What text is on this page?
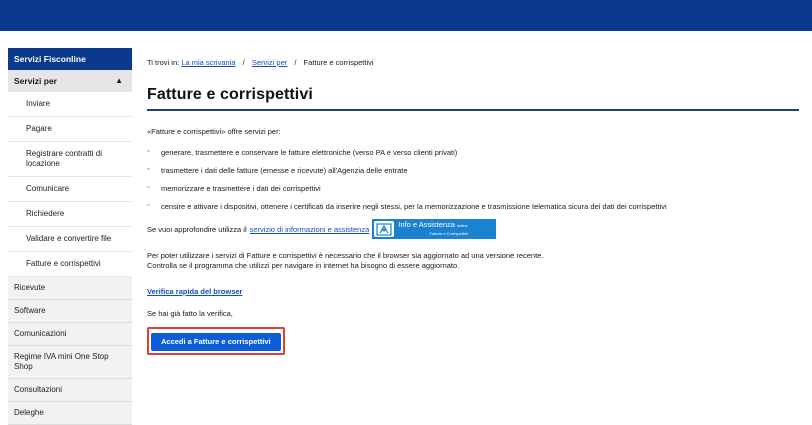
Servizi Fisconline
Servizi per	▲
Inviare
Pagare
Registrare contratti di locazione
Comunicare
Richiedere
Validare e convertire file
Fatture e corrispettivi
Ricevute
Software
Comunicazioni
Regime IVA mini One Stop Shop
Consultazioni
Deleghe
Ti trovi in: La mia scrivania / Servizi per / Fatture e corrispettivi
Fatture e corrispettivi
«Fatture e corrispettivi» offre servizi per:
▫ generare, trasmettere e conservare le fatture elettroniche (verso PA e verso clienti privati)
▫ trasmettere i dati delle fatture (emesse e ricevute) all'Agenzia delle entrate
▫ memorizzare e trasmettere i dati dei corrispettivi
▫ censire e attivare i dispositivi, ottenere i certificati da inserire negli stessi, per la memorizzazione e trasmissione telematica sicura dei dati dei corrispettivi
Se vuoi approfondire utilizza il servizio di informazioni e assistenza
Info e Assistenza online
Fatture e Corrispettivi
Per poter utilizzare i servizi di Fatture e corrispettivi è necessario che il browser sia aggiornato ad una versione recente.
Controlla se il programma che utilizzi per navigare in internet ha bisogno di essere aggiornato.
Verifica rapida del browser
Se hai già fatto la verifica,
Accedi a Fatture e corrispettivi
